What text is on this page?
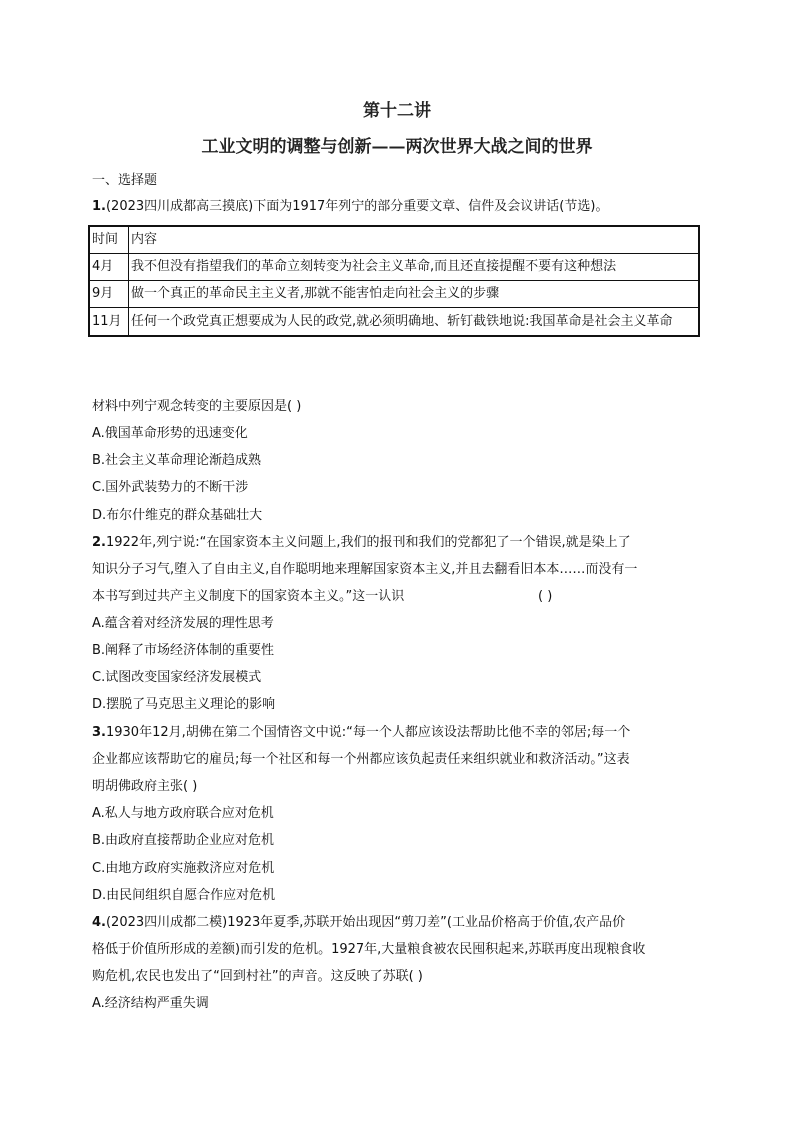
第十二讲
工业文明的调整与创新——两次世界大战之间的世界
一、选择题
1.(2023四川成都高三摸底)下面为1917年列宁的部分重要文章、信件及会议讲话(节选)。
时间	内容
4月	我不但没有指望我们的革命立刻转变为社会主义革命,而且还直接提醒不要有这种想法
9月	做一个真正的革命民主主义者,那就不能害怕走向社会主义的步骤
11月	任何一个政党真正想要成为人民的政党,就必须明确地、斩钉截铁地说:我国革命是社会主义革命
材料中列宁观念转变的主要原因是( )
A.俄国革命形势的迅速变化
B.社会主义革命理论渐趋成熟
C.国外武装势力的不断干涉
D.布尔什维克的群众基础壮大
2.1922年,列宁说:“在国家资本主义问题上,我们的报刊和我们的党都犯了一个错误,就是染上了
知识分子习气,堕入了自由主义,自作聪明地来理解国家资本主义,并且去翻看旧本本……而没有一
本书写到过共产主义制度下的国家资本主义。”这一认识	( )
A.蕴含着对经济发展的理性思考
B.阐释了市场经济体制的重要性
C.试图改变国家经济发展模式
D.摆脱了马克思主义理论的影响
3.1930年12月,胡佛在第二个国情咨文中说:“每一个人都应该设法帮助比他不幸的邻居;每一个
企业都应该帮助它的雇员;每一个社区和每一个州都应该负起责任来组织就业和救济活动。”这表
明胡佛政府主张( )
A.私人与地方政府联合应对危机
B.由政府直接帮助企业应对危机
C.由地方政府实施救济应对危机
D.由民间组织自愿合作应对危机
4.(2023四川成都二模)1923年夏季,苏联开始出现因“剪刀差”(工业品价格高于价值,农产品价
格低于价值所形成的差额)而引发的危机。1927年,大量粮食被农民囤积起来,苏联再度出现粮食收
购危机,农民也发出了“回到村社”的声音。这反映了苏联( )
A.经济结构严重失调
